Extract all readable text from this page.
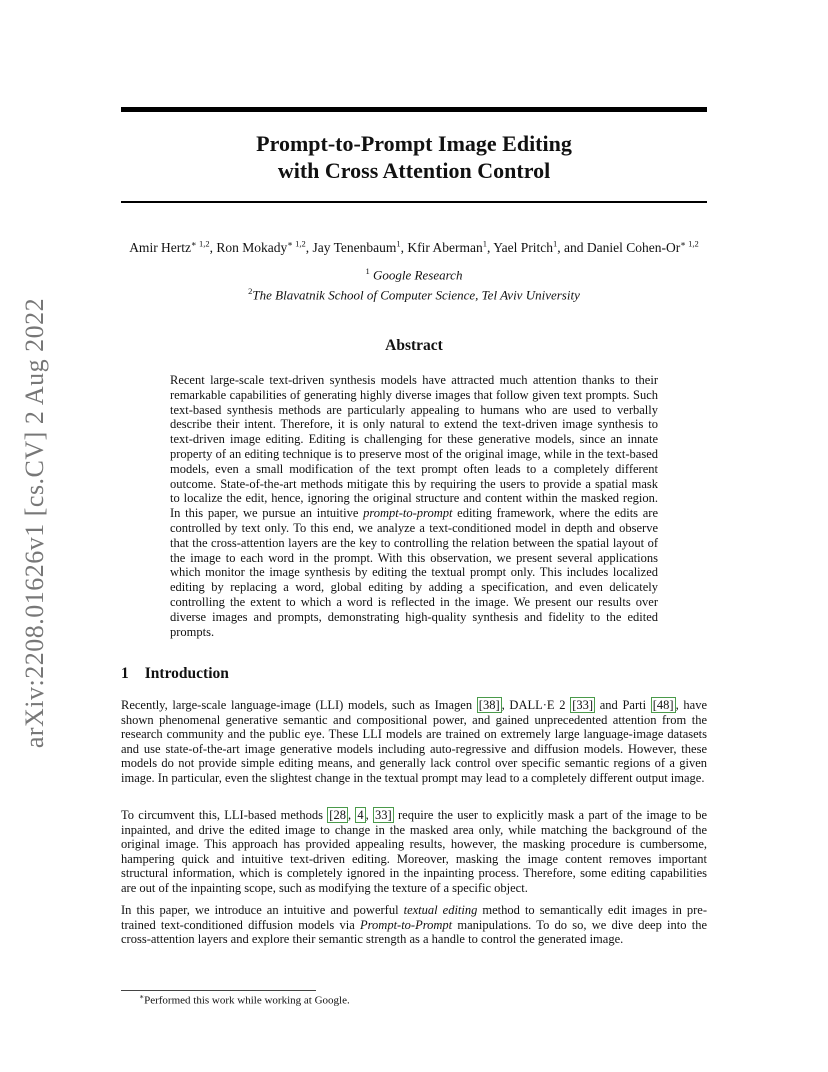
arXiv:2208.01626v1 [cs.CV] 2 Aug 2022
Prompt-to-Prompt Image Editing
with Cross Attention Control
Amir Hertz$^{∗ 1,2}$, Ron Mokady$^{∗ 1,2}$, Jay Tenenbaum$^1$, Kfir Aberman$^1$, Yael Pritch$^1$, and Daniel Cohen-$Or^{∗ 1,2}$
$^1$ Google Research
$^2$The Blavatnik School of Computer Science, Tel Aviv University
Abstract
Recent large-scale text-driven synthesis models have attracted much attention thanks to their remarkable capabilities of generating highly diverse images that follow given text prompts. Such text-based synthesis methods are particularly appealing to humans who are used to verbally describe their intent. Therefore, it is only natural to extend the text-driven image synthesis to text-driven image editing. Editing is challenging for these generative models, since an innate property of an editing technique is to preserve most of the original image, while in the text-based models, even a small modification of the text prompt often leads to a completely different outcome. State-of-the-art methods mitigate this by requiring the users to provide a spatial mask to localize the edit, hence, ignoring the original structure and content within the masked region. In this paper, we pursue an intuitive prompt-to-prompt editing framework, where the edits are controlled by text only. To this end, we analyze a text-conditioned model in depth and observe that the cross-attention layers are the key to controlling the relation between the spatial layout of the image to each word in the prompt. With this observation, we present several applications which monitor the image synthesis by editing the textual prompt only. This includes localized editing by replacing a word, global editing by adding a specification, and even delicately controlling the extent to which a word is reflected in the image. We present our results over diverse images and prompts, demonstrating high-quality synthesis and fidelity to the edited prompts.
1 Introduction
Recently, large-scale language-image (LLI) models, such as Imagen [38] , DALL·E 2 [33] and Parti [48] , have shown phenomenal generative semantic and compositional power, and gained unprecedented attention from the research community and the public eye. These LLI models are trained on extremely large language-image datasets and use state-of-the-art image generative models including auto-regressive and diffusion models. However, these models do not provide simple editing means, and generally lack control over specific semantic regions of a given image. In particular, even the slightest change in the textual prompt may lead to a completely different output image.
To circumvent this, LLI-based methods [28 , 4 , 33] require the user to explicitly mask a part of the image to be inpainted, and drive the edited image to change in the masked area only, while matching the background of the original image. This approach has provided appealing results, however, the masking procedure is cumbersome, hampering quick and intuitive text-driven editing. Moreover, masking the image content removes important structural information, which is completely ignored in the inpainting process. Therefore, some editing capabilities are out of the inpainting scope, such as modifying the texture of a specific object.
In this paper, we introduce an intuitive and powerful textual editing method to semantically edit images in pre-trained text-conditioned diffusion models via Prompt-to-Prompt manipulations. To do so, we dive deep into the cross-attention layers and explore their semantic strength as a handle to control the generated image.
∗Performed this work while working at Google.
